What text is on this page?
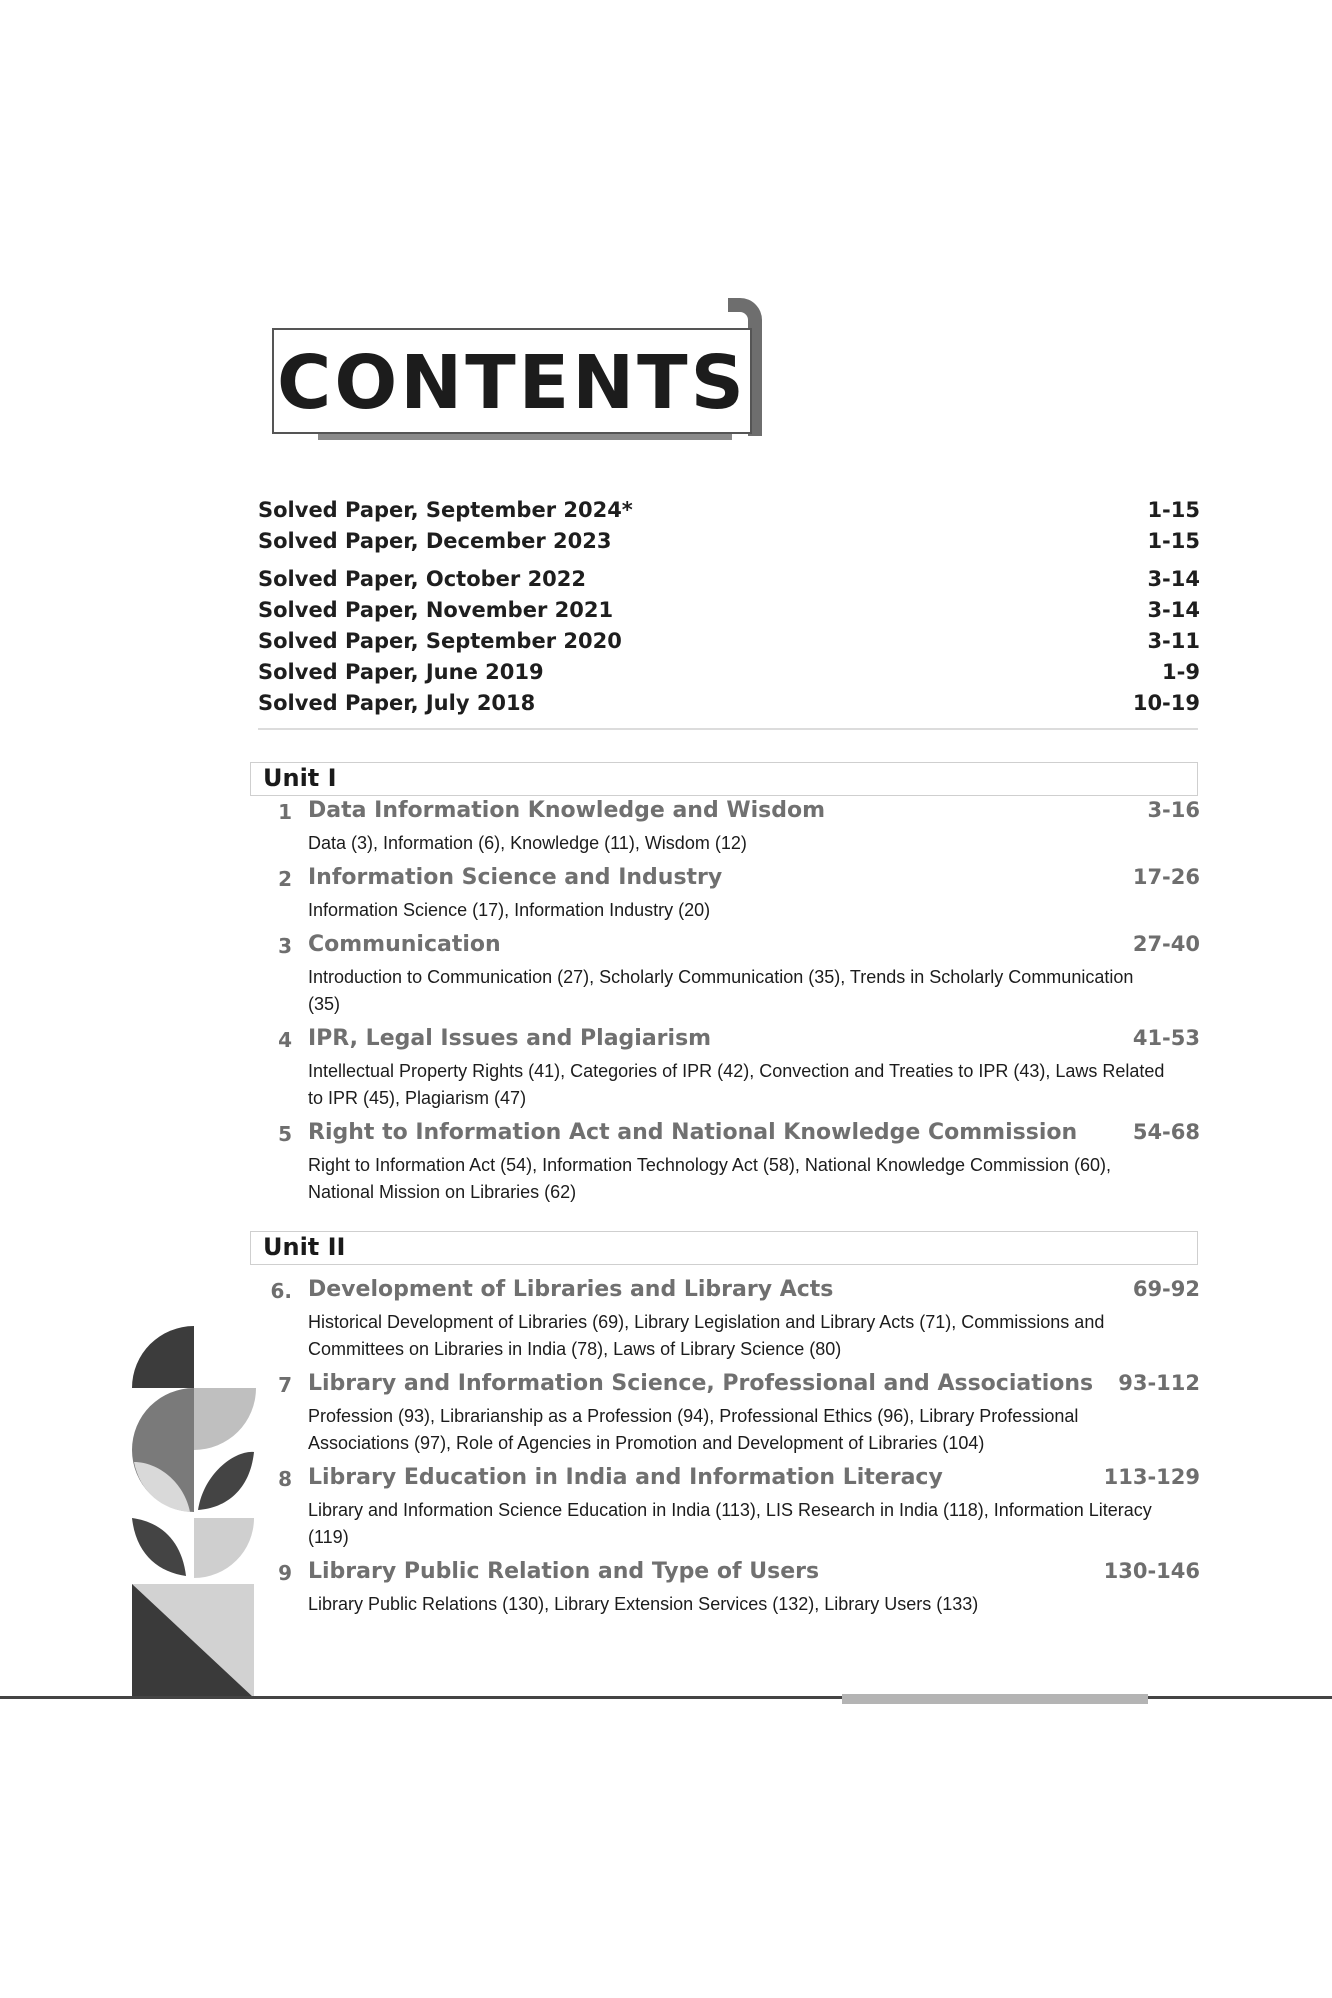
CONTENTS
Solved Paper, September 2024*	1-15
Solved Paper, December 2023	1-15
Solved Paper, October 2022	3-14
Solved Paper, November 2021	3-14
Solved Paper, September 2020	3-11
Solved Paper, June 2019	1-9
Solved Paper, July 2018	10-19
Unit I
1 Data Information Knowledge and Wisdom	3-16
Data (3), Information (6), Knowledge (11), Wisdom (12)
2 Information Science and Industry	17-26
Information Science (17), Information Industry (20)
3 Communication	27-40
Introduction to Communication (27), Scholarly Communication (35), Trends in Scholarly Communication (35)
4 IPR, Legal Issues and Plagiarism	41-53
Intellectual Property Rights (41), Categories of IPR (42), Convection and Treaties to IPR (43), Laws Related to IPR (45), Plagiarism (47)
5 Right to Information Act and National Knowledge Commission	54-68
Right to Information Act (54), Information Technology Act (58), National Knowledge Commission (60), National Mission on Libraries (62)
Unit II
6. Development of Libraries and Library Acts	69-92
Historical Development of Libraries (69), Library Legislation and Library Acts (71), Commissions and Committees on Libraries in India (78), Laws of Library Science (80)
7 Library and Information Science, Professional and Associations 93-112
Profession (93), Librarianship as a Profession (94), Professional Ethics (96), Library Professional Associations (97), Role of Agencies in Promotion and Development of Libraries (104)
8 Library Education in India and Information Literacy	113-129
Library and Information Science Education in India (113), LIS Research in India (118), Information Literacy (119)
9 Library Public Relation and Type of Users	130-146
Library Public Relations (130), Library Extension Services (132), Library Users (133)
